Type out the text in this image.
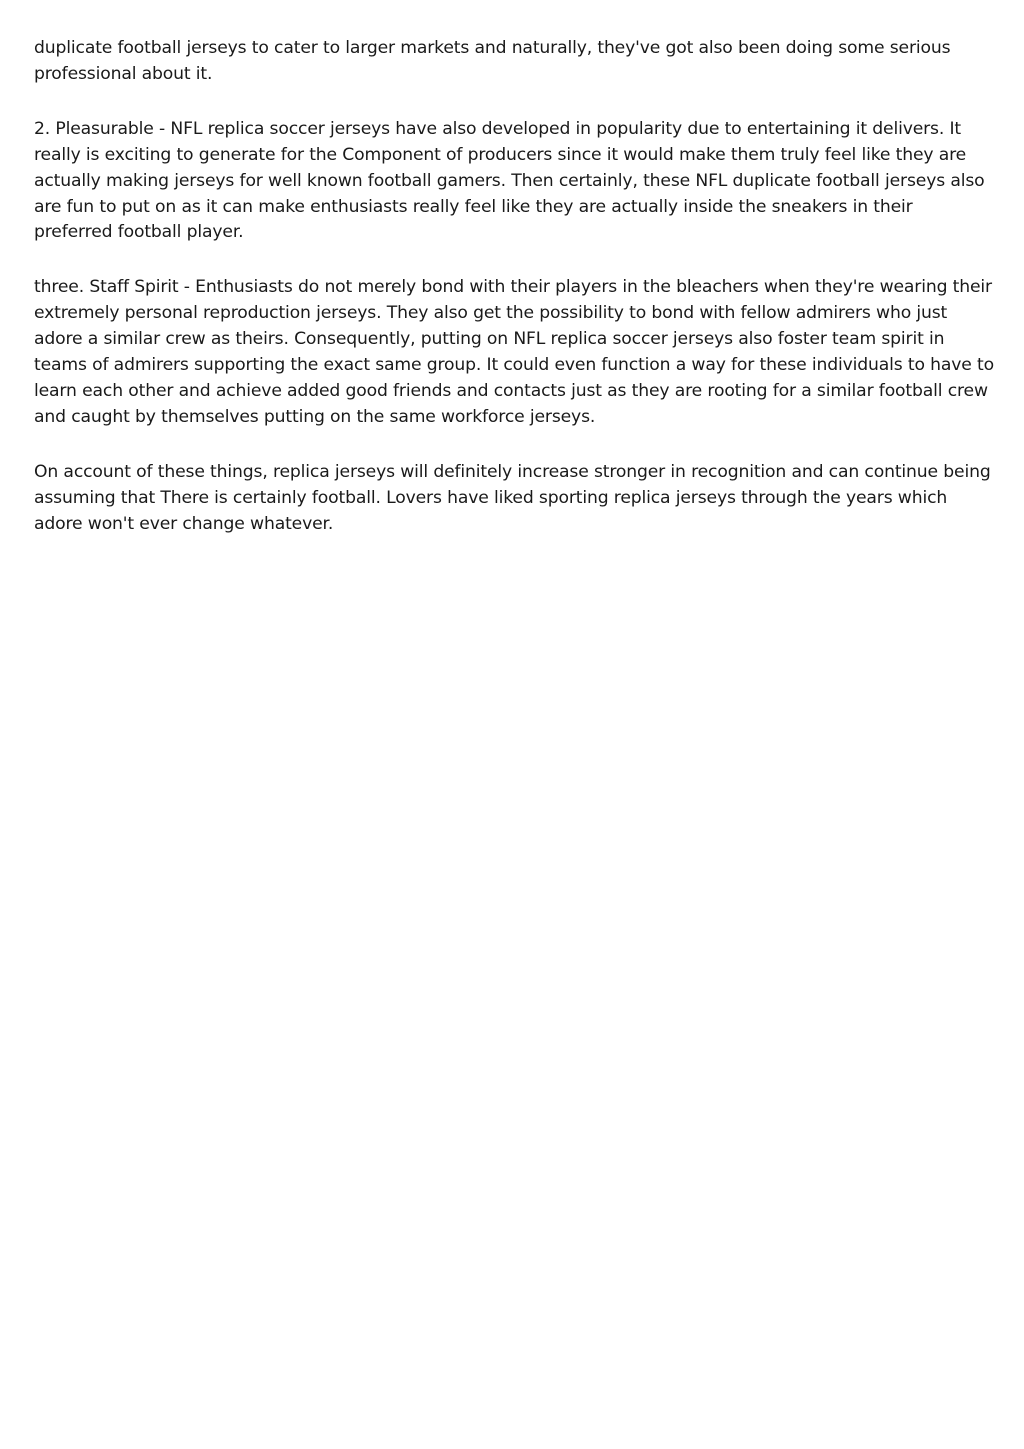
duplicate football jerseys to cater to larger markets and naturally, they've got also been doing some serious professional about it.

2. Pleasurable - NFL replica soccer jerseys have also developed in popularity due to entertaining it delivers. It really is exciting to generate for the Component of producers since it would make them truly feel like they are actually making jerseys for well known football gamers. Then certainly, these NFL duplicate football jerseys also are fun to put on as it can make enthusiasts really feel like they are actually inside the sneakers in their preferred football player.

three. Staff Spirit - Enthusiasts do not merely bond with their players in the bleachers when they're wearing their extremely personal reproduction jerseys. They also get the possibility to bond with fellow admirers who just adore a similar crew as theirs. Consequently, putting on NFL replica soccer jerseys also foster team spirit in teams of admirers supporting the exact same group. It could even function a way for these individuals to have to learn each other and achieve added good friends and contacts just as they are rooting for a similar football crew and caught by themselves putting on the same workforce jerseys.

On account of these things, replica jerseys will definitely increase stronger in recognition and can continue being assuming that There is certainly football. Lovers have liked sporting replica jerseys through the years which adore won't ever change whatever.
